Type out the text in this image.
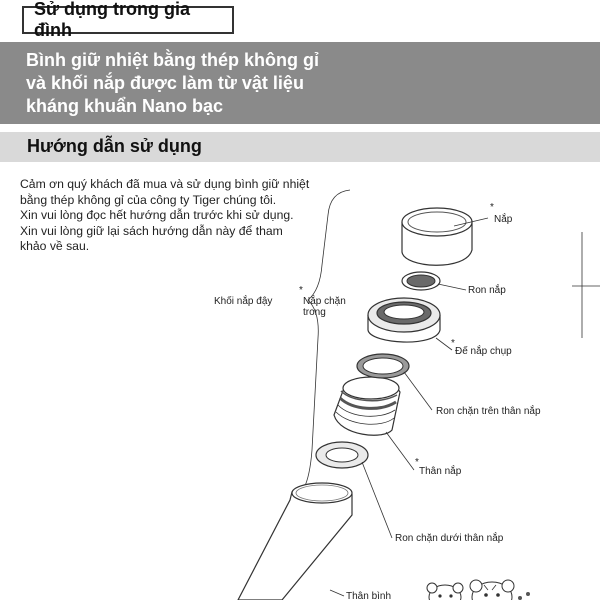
Sử dụng trong gia đình
Bình giữ nhiệt bằng thép không gỉ
và khối nắp được làm từ vật liệu
kháng khuẩn Nano bạc
Hướng dẫn sử dụng

Cảm ơn quý khách đã mua và sử dụng bình giữ nhiệt

bằng thép không gỉ của công ty Tiger chúng tôi.

Xin vui lòng đọc hết hướng dẫn trước khi sử dụng.

Xin vui lòng giữ lại sách hướng dẫn này để tham

khảo về sau.

*
Nắp
Ron nắp
Khối nắp đậy
*
Nắp chặn
trong
*
Đế nắp chụp
Ron chặn trên thân nắp
*
Thân nắp
Ron chặn dưới thân nắp
Thân bình
